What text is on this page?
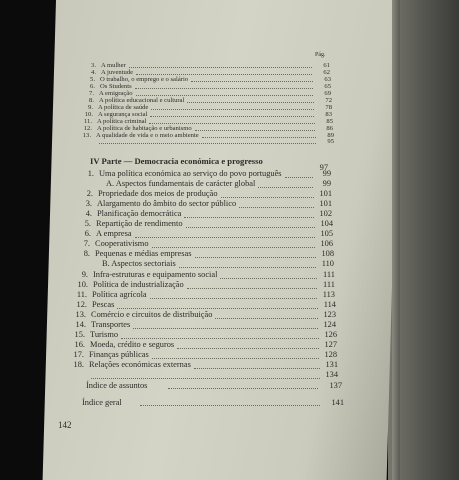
Pág.
3. A mulher	61
4. A juventude	62
5. O trabalho, o emprego e o salário	63
6. Os Students	65
7. A emigração	69
8. A política educacional e cultural	72
9. A política de saúde	78
10. A segurança social	83
11. A política criminal	85
12. A política de habitação e urbanismo	86
13. A qualidade de vida e o meio ambiente	89
95
IV Parte — Democracia económica e progresso
97
1. Uma política económica ao serviço do povo português	99
A. Aspectos fundamentais de carácter global	99
2. Propriedade dos meios de produção	101
3. Alargamento do âmbito do sector público	101
4. Planificação democrática	102
5. Repartição de rendimento	104
6. A empresa	105
7. Cooperativismo	106
8. Pequenas e médias empresas	108
B. Aspectos sectoriais	110
9. Infra-estruturas e equipamento social	111
10. Política de industrialização	111
11. Política agrícola	113
12. Pescas	114
13. Comércio e circuitos de distribuição	123
14. Transportes	124
15. Turismo	126
16. Moeda, crédito e seguros	127
17. Finanças públicas	128
18. Relações económicas externas	131
134
Índice de assuntos	137
Índice geral	141
142
